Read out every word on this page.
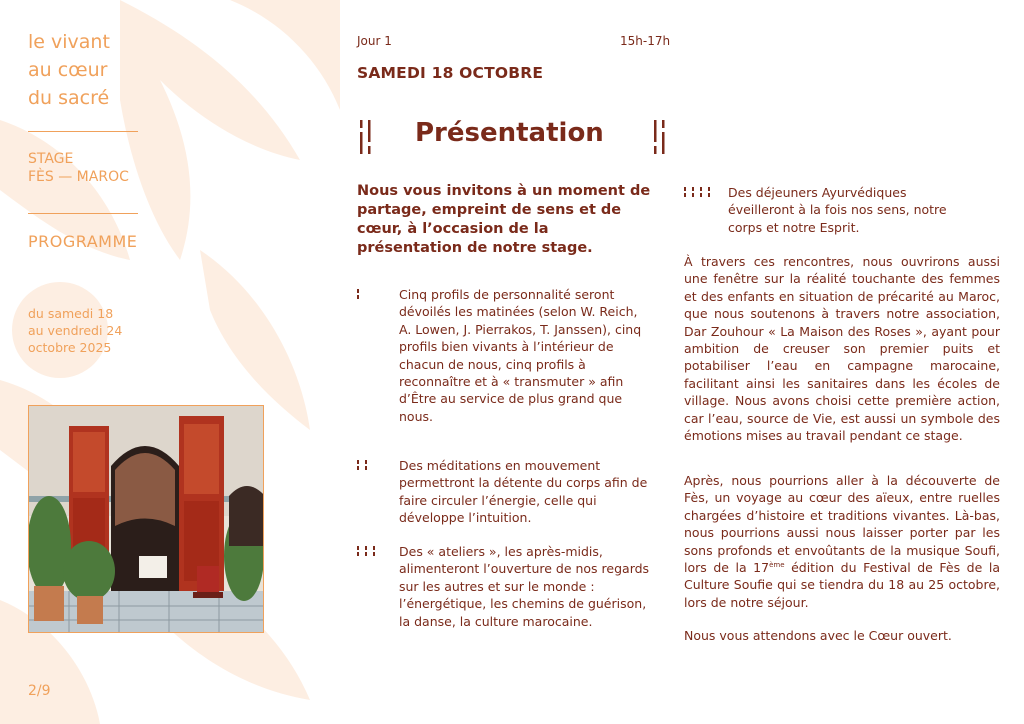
le vivant
au cœur
du sacré
STAGE
FÈS — MAROC
PROGRAMME
du samedi 18
au vendredi 24
octobre 2025
2/9
Jour 1	15h-17h
SAMEDI 18 OCTOBRE
Présentation
Nous vous invitons à un moment de partage, empreint de sens et de cœur, à l’occasion de la présentation de notre stage.
Cinq profils de personnalité seront dévoilés les matinées (selon W. Reich, A. Lowen, J. Pierrakos, T. Janssen), cinq profils bien vivants à l’intérieur de chacun de nous, cinq profils à reconnaître et à « transmuter » afin d’Être au service de plus grand que nous.
Des méditations en mouvement permettront la détente du corps afin de faire circuler l’énergie, celle qui développe l’intuition.
Des « ateliers », les après-midis, alimenteront l’ouverture de nos regards sur les autres et sur le monde : l’énergétique, les chemins de guérison, la danse, la culture marocaine.
Des déjeuners Ayurvédiques éveilleront à la fois nos sens, notre corps et notre Esprit.
À travers ces rencontres, nous ouvrirons aussi une fenêtre sur la réalité touchante des femmes et des enfants en situation de précarité au Maroc, que nous soutenons à travers notre association, Dar Zouhour « La Maison des Roses », ayant pour ambition de creuser son premier puits et potabiliser l’eau en campagne marocaine, facilitant ainsi les sanitaires dans les écoles de village. Nous avons choisi cette première action, car l’eau, source de Vie, est aussi un symbole des émotions mises au travail pendant ce stage.
Après, nous pourrions aller à la découverte de Fès, un voyage au cœur des aïeux, entre ruelles chargées d’histoire et traditions vivantes. Là-bas, nous pourrions aussi nous laisser porter par les sons profonds et envoûtants de la musique Soufi, lors de la 17ème édition du Festival de Fès de la Culture Soufie qui se tiendra du 18 au 25 octobre, lors de notre séjour.
Nous vous attendons avec le Cœur ouvert.
